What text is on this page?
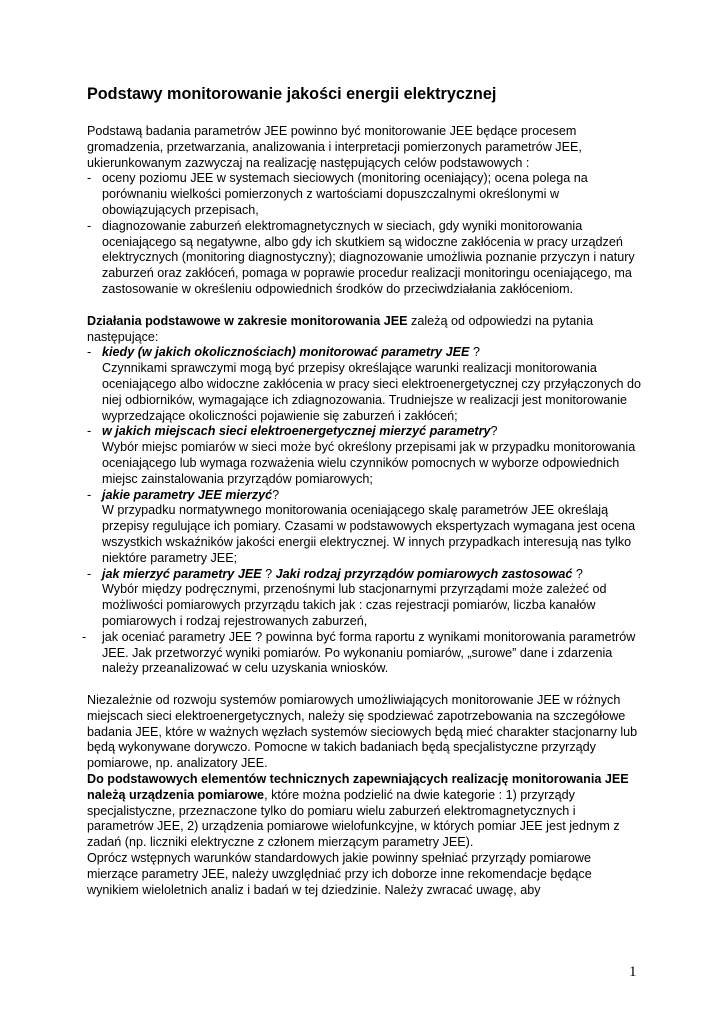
Podstawy monitorowanie jakości energii elektrycznej

Podstawą badania parametrów JEE powinno być monitorowanie JEE będące procesem gromadzenia, przetwarzania, analizowania i interpretacji pomierzonych parametrów JEE, ukierunkowanym zazwyczaj na realizację następujących celów podstawowych :

- oceny poziomu JEE w systemach sieciowych (monitoring oceniający); ocena polega na porównaniu wielkości pomierzonych z wartościami dopuszczalnymi określonymi w obowiązujących przepisach,
- diagnozowanie zaburzeń elektromagnetycznych w sieciach, gdy wyniki monitorowania oceniającego są negatywne, albo gdy ich skutkiem są widoczne zakłócenia w pracy urządzeń elektrycznych (monitoring diagnostyczny); diagnozowanie umożliwia poznanie przyczyn i natury zaburzeń oraz zakłóceń, pomaga w poprawie procedur realizacji monitoringu oceniającego, ma zastosowanie w określeniu odpowiednich środków do przeciwdziałania zakłóceniom.

Działania podstawowe w zakresie monitorowania JEE zależą od odpowiedzi na pytania następujące:

- kiedy (w jakich okolicznościach) monitorować parametry JEE ?
Czynnikami sprawczymi mogą być przepisy określające warunki realizacji monitorowania oceniającego albo widoczne zakłócenia w pracy sieci elektroenergetycznej czy przyłączonych do niej odbiorników, wymagające ich zdiagnozowania. Trudniejsze w realizacji jest monitorowanie wyprzedzające okoliczności pojawienie się zaburzeń i zakłóceń;
- w jakich miejscach sieci elektroenergetycznej mierzyć parametry?
Wybór miejsc pomiarów w sieci może być określony przepisami jak w przypadku monitorowania oceniającego lub wymaga rozważenia wielu czynników pomocnych w wyborze odpowiednich miejsc zainstalowania przyrządów pomiarowych;
- jakie parametry JEE mierzyć?
W przypadku normatywnego monitorowania oceniającego skalę parametrów JEE określają przepisy regulujące ich pomiary. Czasami w podstawowych ekspertyzach wymagana jest ocena wszystkich wskaźników jakości energii elektrycznej. W innych przypadkach interesują nas tylko niektóre parametry JEE;
- jak mierzyć parametry JEE ? Jaki rodzaj przyrządów pomiarowych zastosować ?
Wybór między podręcznymi, przenośnymi lub stacjonarnymi przyrządami może zależeć od możliwości pomiarowych przyrządu takich jak : czas rejestracji pomiarów, liczba kanałów pomiarowych i rodzaj rejestrowanych zaburzeń,
- jak oceniać parametry JEE ? powinna być forma raportu z wynikami monitorowania parametrów JEE. Jak przetworzyć wyniki pomiarów. Po wykonaniu pomiarów, „surowe” dane i zdarzenia należy przeanalizować w celu uzyskania wniosków.

Niezależnie od rozwoju systemów pomiarowych umożliwiających monitorowanie JEE w różnych miejscach sieci elektroenergetycznych, należy się spodziewać zapotrzebowania na szczegółowe badania JEE, które w ważnych węzłach systemów sieciowych będą mieć charakter stacjonarny lub będą wykonywane dorywczo. Pomocne w takich badaniach będą specjalistyczne przyrządy pomiarowe, np. analizatory JEE.

Do podstawowych elementów technicznych zapewniających realizację monitorowania JEE należą urządzenia pomiarowe, które można podzielić na dwie kategorie : 1) przyrządy specjalistyczne, przeznaczone tylko do pomiaru wielu zaburzeń elektromagnetycznych i parametrów JEE, 2) urządzenia pomiarowe wielofunkcyjne, w których pomiar JEE jest jednym z zadań (np. liczniki elektryczne z członem mierzącym parametry JEE).

Oprócz wstępnych warunków standardowych jakie powinny spełniać przyrządy pomiarowe mierzące parametry JEE, należy uwzględniać przy ich doborze inne rekomendacje będące wynikiem wieloletnich analiz i badań w tej dziedzinie. Należy zwracać uwagę, aby

1
